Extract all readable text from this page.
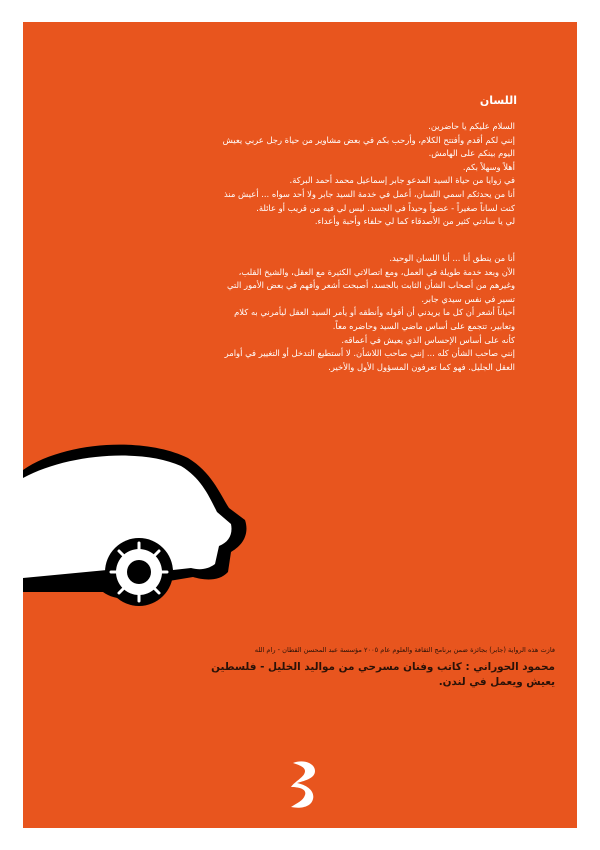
اللسان

السلام عليكم يا حاضرين.

إنني لكم أقدم وأفتتح الكلام، وأرحب بكم في بعض مشاوير من حياة رجل عربي يعيش

اليوم بينكم على الهامش.

أهلاً وسهلاً بكم.

في زوايا من حياة السيد المدعو جابر إسماعيل محمد أحمد البركة.

أنا من يحدثكم اسمي اللسان، أعمل في خدمة السيد جابر ولا أحد سواه ... أعيش منذ

كنت لساناً صغيراً - عضواً وحيداً في الجسد. ليس لي فيه من قريب أو عائلة.

لي يا سادتي كثير من الأصدقاء كما لي حلفاء وأحبة وأعداء.

أنا من ينطق أنا ... أنا اللسان الوحيد.

الآن وبعد خدمة طويلة في العمل، ومع اتصالاتي الكثيرة مع العقل، والشيخ القلب،

وغيرهم من أصحاب الشأن الثابت بالجسد، أصبحت أشعر وأفهم في بعض الأمور التي

تسير في نفس سيدي جابر.

أحياناً أشعر أن كل ما يريدني أن أقوله وأنطقه أو يأمر السيد العقل ليأمرني به كلام

وتعابير، تتجمع على أساس ماضي السيد وحاضره معاً.

كأنه على أساس الإحساس الذي يعيش في أعماقه.

إنني صاحب الشأن كله ... إنني صاحب اللاشأن. لا أستطيع التدخل أو التغيير في أوامر

العقل الجليل. فهو كما تعرفون المسؤول الأول والأخير.

فازت هذه الرواية (جابر) بجائزة ضمن برنامج الثقافة والعلوم عام ٢٠٠٥ مؤسسة عبد المحسن القطان - رام الله

محمود الحوراني : كاتب وفنان مسرحي من مواليد الخليل - فلسطين

يعيش ويعمل في لندن.
